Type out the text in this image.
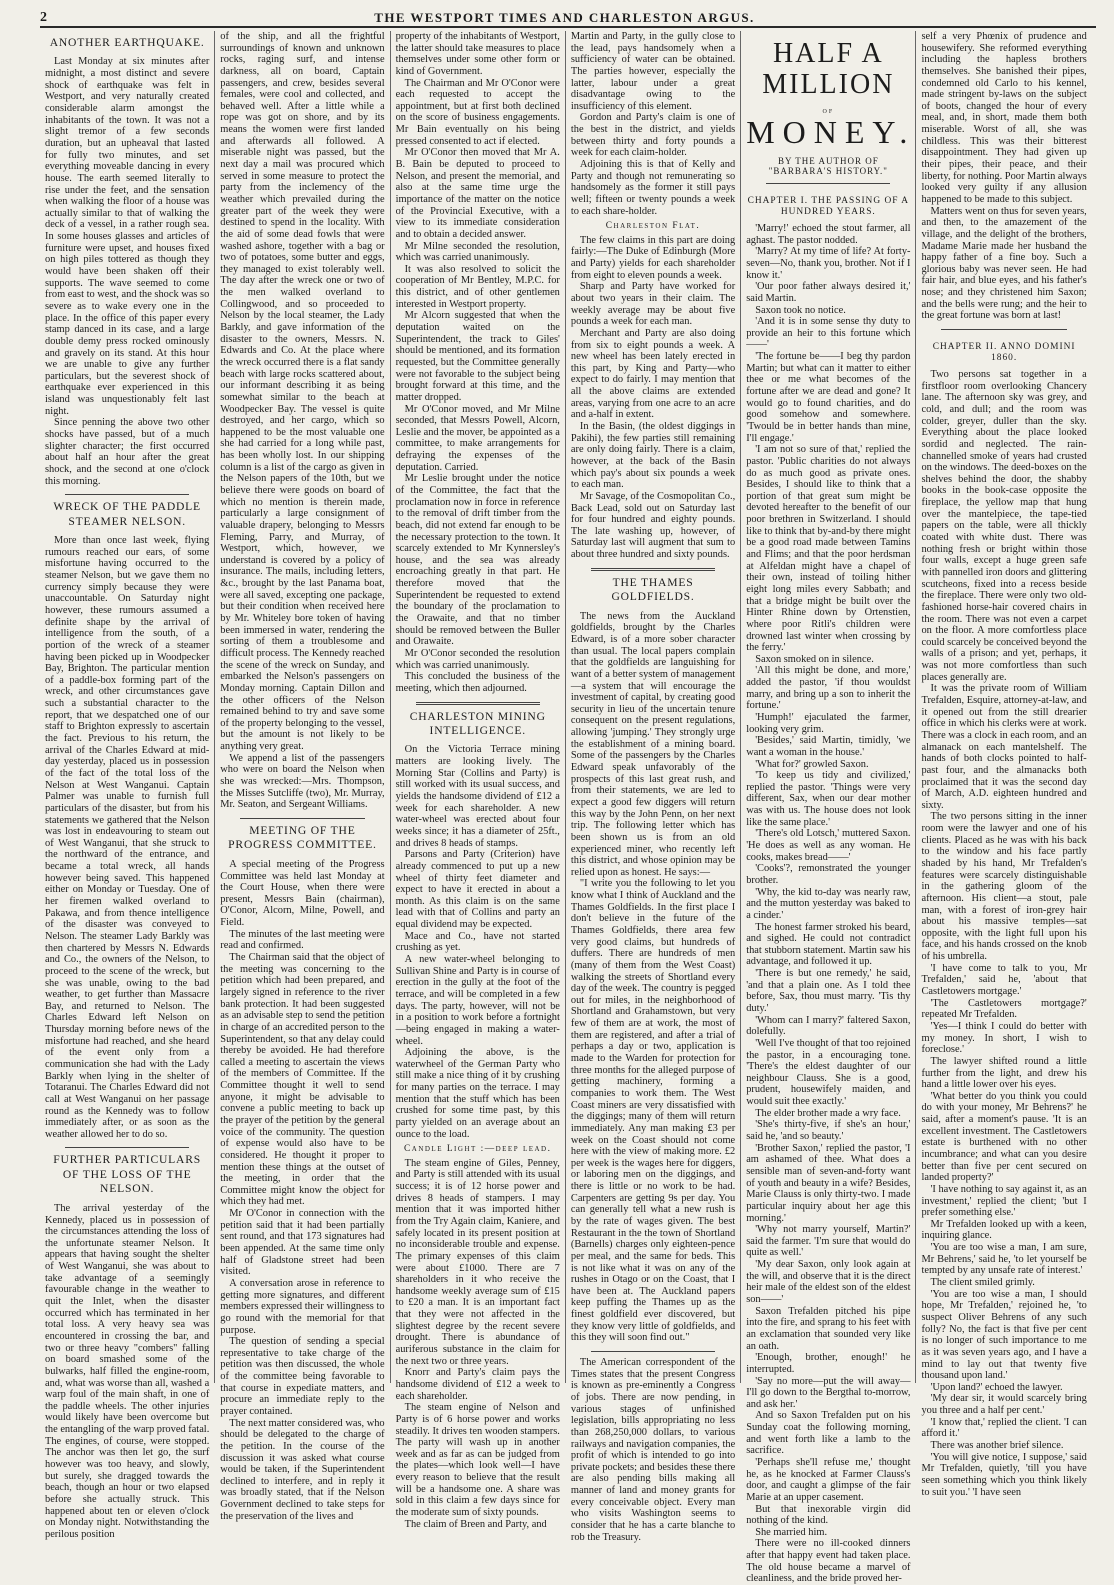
2	THE WESTPORT TIMES AND CHARLESTON ARGUS.
ANOTHER EARTHQUAKE.

Last Monday at six minutes after midnight, a most distinct and severe shock of earthquake was felt in Westport, and very naturally created considerable alarm amongst the inhabitants of the town. It was not a slight tremor of a few seconds duration, but an upheaval that lasted for fully two minutes, and set everything moveable dancing in every house. The earth seemed literally to rise under the feet, and the sensation when walking the floor of a house was actually similar to that of walking the deck of a vessel, in a rather rough sea. In some houses glasses and articles of furniture were upset, and houses fixed on high piles tottered as though they would have been shaken off their supports. The wave seemed to come from east to west, and the shock was so severe as to wake every one in the place. In the office of this paper every stamp danced in its case, and a large double demy press rocked ominously and gravely on its stand. At this hour we are unable to give any further particulars, but the severest shock of earthquake ever experienced in this island was unquestionably felt last night.

Since penning the above two other shocks have passed, but of a much slighter character; the first occurred about half an hour after the great shock, and the second at one o'clock this morning.

WRECK OF THE PADDLE STEAMER NELSON.

More than once last week, flying rumours reached our ears, of some misfortune having occurred to the steamer Nelson, but we gave them no currency simply because they were unaccountable. On Saturday night however, these rumours assumed a definite shape by the arrival of intelligence from the south, of a portion of the wreck of a steamer having been picked up in Woodpecker Bay, Brighton. The particular mention of a paddle-box forming part of the wreck, and other circumstances gave such a substantial character to the report, that we despatched one of our staff to Brighton expressly to ascertain the fact. Previous to his return, the arrival of the Charles Edward at mid-day yesterday, placed us in possession of the fact of the total loss of the Nelson at West Wanganui. Captain Palmer was unable to furnish full particulars of the disaster, but from his statements we gathered that the Nelson was lost in endeavouring to steam out of West Wanganui, that she struck to the northward of the entrance, and became a total wreck, all hands however being saved. This happened either on Monday or Tuesday. One of her firemen walked overland to Pakawa, and from thence intelligence of the disaster was conveyed to Nelson. The steamer Lady Barkly was then chartered by Messrs N. Edwards and Co., the owners of the Nelson, to proceed to the scene of the wreck, but she was unable, owing to the bad weather, to get further than Massacre Bay, and returned to Nelson. The Charles Edward left Nelson on Thursday morning before news of the misfortune had reached, and she heard of the event only from a communication she had with the Lady Barkly when lying in the shelter of Totaranui. The Charles Edward did not call at West Wanganui on her passage round as the Kennedy was to follow immediately after, or as soon as the weather allowed her to do so.

FURTHER PARTICULARS OF THE LOSS OF THE NELSON.

The arrival yesterday of the Kennedy, placed us in possession of the circumstances attending the loss of the unfortunate steamer Nelson. It appears that having sought the shelter of West Wanganui, she was about to take advantage of a seemingly favourable change in the weather to quit the Inlet, when the disaster occurred which has terminated in her total loss. A very heavy sea was encountered in crossing the bar, and two or three heavy "combers" falling on board smashed some of the bulwarks, half filled the engine-room, and, what was worse than all, washed a warp foul of the main shaft, in one of the paddle wheels. The other injuries would likely have been overcome but the entangling of the warp proved fatal. The engines, of course, were stopped. The anchor was then let go, the surf however was too heavy, and slowly, but surely, she dragged towards the beach, though an hour or two elapsed before she actually struck. This happened about ten or eleven o'clock on Monday night. Notwithstanding the perilous position

of the ship, and all the frightful surroundings of known and unknown rocks, raging surf, and intense darkness, all on board, Captain passengers, and crew, besides several females, were cool and collected, and behaved well. After a little while a rope was got on shore, and by its means the women were first landed and afterwards all followed. A miserable night was passed, but the next day a mail was procured which served in some measure to protect the party from the inclemency of the weather which prevailed during the greater part of the week they were destined to spend in the locality. With the aid of some dead fowls that were washed ashore, together with a bag or two of potatoes, some butter and eggs, they managed to exist tolerably well. The day after the wreck one or two of the men walked overland to Collingwood, and so proceeded to Nelson by the local steamer, the Lady Barkly, and gave information of the disaster to the owners, Messrs. N. Edwards and Co. At the place where the wreck occurred there is a flat sandy beach with large rocks scattered about, our informant describing it as being somewhat similar to the beach at Woodpecker Bay. The vessel is quite destroyed, and her cargo, which so happened to be the most valuable one she had carried for a long while past, has been wholly lost. In our shipping column is a list of the cargo as given in the Nelson papers of the 10th, but we believe there were goods on board of which no mention is therein made, particularly a large consignment of valuable drapery, belonging to Messrs Fleming, Parry, and Murray, of Westport, which, however, we understand is covered by a policy of insurance. The mails, including letters, &c., brought by the last Panama boat, were all saved, excepting one package, but their condition when received here by Mr. Whiteley bore token of having been immersed in water, rendering the sorting of them a troublesome and difficult process. The Kennedy reached the scene of the wreck on Sunday, and embarked the Nelson's passengers on Monday morning. Captain Dillon and the other officers of the Nelson remained behind to try and save some of the property belonging to the vessel, but the amount is not likely to be anything very great.

We append a list of the passengers who were on board the Nelson when she was wrecked:—Mrs. Thompson, the Misses Sutcliffe (two), Mr. Murray, Mr. Seaton, and Sergeant Williams.

MEETING OF THE PROGRESS COMMITTEE.

A special meeting of the Progress Committee was held last Monday at the Court House, when there were present, Messrs Bain (chairman), O'Conor, Alcorn, Milne, Powell, and Field.

The minutes of the last meeting were read and confirmed.

The Chairman said that the object of the meeting was concerning to the petition which had been prepared, and largely signed in reference to the river bank protection. It had been suggested as an advisable step to send the petition in charge of an accredited person to the Superintendent, so that any delay could thereby be avoided. He had therefore called a meeting to ascertain the views of the members of Committee. If the Committee thought it well to send anyone, it might be advisable to convene a public meeting to back up the prayer of the petition by the general voice of the community. The question of expense would also have to be considered. He thought it proper to mention these things at the outset of the meeting, in order that the Committee might know the object for which they had met.

Mr O'Conor in connection with the petition said that it had been partially sent round, and that 173 signatures had been appended. At the same time only half of Gladstone street had been visited.

A conversation arose in reference to getting more signatures, and different members expressed their willingness to go round with the memorial for that purpose.

The question of sending a special representative to take charge of the petition was then discussed, the whole of the committee being favorable to that course in expediate matters, and procure an immediate reply to the prayer contained.

The next matter considered was, who should be delegated to the charge of the petition. In the course of the discussion it was asked what course would be taken, if the Superintendent declined to interfere, and in reply it was broadly stated, that if the Nelson Government declined to take steps for the preservation of the lives and

property of the inhabitants of Westport, the latter should take measures to place themselves under some other form or kind of Government.

The Chairman and Mr O'Conor were each requested to accept the appointment, but at first both declined on the score of business engagements. Mr Bain eventually on his being pressed consented to act if elected.

Mr O'Conor then moved that Mr A. B. Bain be deputed to proceed to Nelson, and present the memorial, and also at the same time urge the importance of the matter on the notice of the Provincial Executive, with a view to its immediate consideration and to obtain a decided answer.

Mr Milne seconded the resolution, which was carried unanimously.

It was also resolved to solicit the cooperation of Mr Bentley, M.P.C. for this district, and of other gentlemen interested in Westport property.

Mr Alcorn suggested that when the deputation waited on the Superintendent, the track to Giles' should be mentioned, and its formation requested, but the Committee generally were not favorable to the subject being brought forward at this time, and the matter dropped.

Mr O'Conor moved, and Mr Milne seconded, that Messrs Powell, Alcorn, Leslie and the mover, be appointed as a committee, to make arrangements for defraying the expenses of the deputation. Carried.

Mr Leslie brought under the notice of the Committee, the fact that the proclamation now in force in reference to the removal of drift timber from the beach, did not extend far enough to be the necessary protection to the town. It scarcely extended to Mr Kynnersley's house, and the sea was already encroaching greatly in that part. He therefore moved that the Superintendent be requested to extend the boundary of the proclamation to the Orawaite, and that no timber should be removed between the Buller and Orawaite.

Mr O'Conor seconded the resolution which was carried unanimously.

This concluded the business of the meeting, which then adjourned.

CHARLESTON MINING INTELLIGENCE.

On the Victoria Terrace mining matters are looking lively. The Morning Star (Collins and Party) is still worked with its usual success, and yields the handsome dividend of £12 a week for each shareholder. A new water-wheel was erected about four weeks since; it has a diameter of 25ft., and drives 8 heads of stamps.

Parsons and Party (Criterion) have already commenced to put up a new wheel of thirty feet diameter and expect to have it erected in about a month. As this claim is on the same lead with that of Collins and party an equal dividend may be expected.

Mace and Co., have not started crushing as yet.

A new water-wheel belonging to Sullivan Shine and Party is in course of erection in the gully at the foot of the terrace, and will be completed in a few days. The party, however, will not be in a position to work before a fortnight—being engaged in making a water-wheel.

Adjoining the above, is the waterwheel of the German Party who still make a nice thing of it by crushing for many parties on the terrace. I may mention that the stuff which has been crushed for some time past, by this party yielded on an average about an ounce to the load.

Candle Light :—deep lead.

The steam engine of Giles, Penney, and Party is still attended with its usual success; it is of 12 horse power and drives 8 heads of stampers. I may mention that it was imported hither from the Try Again claim, Kaniere, and safely located in its present position at no inconsiderable trouble and expense. The primary expenses of this claim were about £1000. There are 7 shareholders in it who receive the handsome weekly average sum of £15 to £20 a man. It is an important fact that they were not affected in the slightest degree by the recent severe drought. There is abundance of auriferous substance in the claim for the next two or three years.

Knorr and Party's claim pays the handsome dividend of £12 a week to each shareholder.

The steam engine of Nelson and Party is of 6 horse power and works steadily. It drives ten wooden stampers. The party will wash up in another week and as far as can be judged from the plates—which look well—I have every reason to believe that the result will be a handsome one. A share was sold in this claim a few days since for the moderate sum of sixty pounds.

The claim of Breen and Party, and

Martin and Party, in the gully close to the lead, pays handsomely when a sufficiency of water can be obtained. The parties however, especially the latter, labour under a great disadvantage owing to the insufficiency of this element.

Gordon and Party's claim is one of the best in the district, and yields between thirty and forty pounds a week for each claim-holder.

Adjoining this is that of Kelly and Party and though not remunerating so handsomely as the former it still pays well; fifteen or twenty pounds a week to each share-holder.

Charleston Flat.

The few claims in this part are doing fairly:—The Duke of Edinburgh (More and Party) yields for each shareholder from eight to eleven pounds a week.

Sharp and Party have worked for about two years in their claim. The weekly average may be about five pounds a week for each man.

Merchant and Party are also doing from six to eight pounds a week. A new wheel has been lately erected in this part, by King and Party—who expect to do fairly. I may mention that all the above claims are extended areas, varying from one acre to an acre and a-half in extent.

In the Basin, (the oldest diggings in Pakihi), the few parties still remaining are only doing fairly. There is a claim, however, at the back of the Basin which pay's about six pounds a week to each man.

Mr Savage, of the Cosmopolitan Co., Back Lead, sold out on Saturday last for four hundred and eighty pounds. The late washing up, however, of Saturday last will augment that sum to about three hundred and sixty pounds.

THE THAMES GOLDFIELDS.

The news from the Auckland goldfields, brought by the Charles Edward, is of a more sober character than usual. The local papers complain that the goldfields are languishing for want of a better system of management—a system that will encourage the investment of capital, by creating good security in lieu of the uncertain tenure consequent on the present regulations, allowing 'jumping.' They strongly urge the establishment of a mining board. Some of the passengers by the Charles Edward speak unfavorably of the prospects of this last great rush, and from their statements, we are led to expect a good few diggers will return this way by the John Penn, on her next trip. The following letter which has been shown us is from an old experienced miner, who recently left this district, and whose opinion may be relied upon as honest. He says:—

"I write you the following to let you know what I think of Auckland and the Thames Goldfields. In the first place I don't believe in the future of the Thames Goldfields, there area few very good claims, but hundreds of duffers. There are hundreds of men (many of them from the West Coast) walking the streets of Shortland every day of the week. The country is pegged out for miles, in the neighborhood of Shortland and Grahamstown, but very few of them are at work, the most of them are registered, and after a trial of perhaps a day or two, application is made to the Warden for protection for three months for the alleged purpose of getting machinery, forming a companies to work them. The West Coast miners are very dissatisfied with the diggings; many of them will return immediately. Any man making £3 per week on the Coast should not come here with the view of making more. £2 per week is the wages here for diggers, or laboring men on the diggings, and there is little or no work to be had. Carpenters are getting 9s per day. You can generally tell what a new rush is by the rate of wages given. The best Restaurant in the the town of Shortland (Barnells) charges only eighteen-pence per meal, and the same for beds. This is not like what it was on any of the rushes in Otago or on the Coast, that I have been at. The Auckland papers keep puffing the Thames up as the finest goldfield ever discovered, but they know very little of goldfields, and this they will soon find out."

The American correspondent of the Times states that the present Congress is known as pre-eminently a Congress of jobs. There are now pending, in various stages of unfinished legislation, bills appropriating no less than 268,250,000 dollars, to various railways and navigation companies, the profit of which is intended to go into private pockets; and besides these there are also pending bills making all manner of land and money grants for every conceivable object. Every man who visits Washington seems to consider that he has a carte blanche to rob the Treasury.

HALF A MILLION
of
MONEY.
BY THE AUTHOR OF "BARBARA'S HISTORY."
CHAPTER I. THE PASSING OF A HUNDRED YEARS.

'Marry!' echoed the stout farmer, all aghast. The pastor nodded.

'Marry? At my time of life? At forty-seven—No, thank you, brother. Not if I know it.'

'Our poor father always desired it,' said Martin.

Saxon took no notice.

'And it is in some sense thy duty to provide an heir to this fortune which——'

'The fortune be——I beg thy pardon Martin; but what can it matter to either thee or me what becomes of the fortune after we are dead and gone? It would go to found charities, and do good somehow and somewhere. 'Twould be in better hands than mine, I'll engage.'

'I am not so sure of that,' replied the pastor. 'Public charities do not always do as much good as private ones. Besides, I should like to think that a portion of that great sum might be devoted hereafter to the benefit of our poor brethren in Switzerland. I should like to think that by-and-by there might be a good road made between Tamins and Flims; and that the poor herdsman at Alfeldan might have a chapel of their own, instead of toiling hither eight long miles every Sabbath; and that a bridge might be built over the Hinter Rhine down by Ortenstien, where poor Ritli's children were drowned last winter when crossing by the ferry.'

Saxon smoked on in silence.

'All this might be done, and more,' added the pastor, 'if thou wouldst marry, and bring up a son to inherit the fortune.'

'Humph!' ejaculated the farmer, looking very grim.

'Besides,' said Martin, timidly, 'we want a woman in the house.'

'What for?' growled Saxon.

'To keep us tidy and civilized,' replied the pastor. 'Things were very different, Sax, when our dear mother was with us. The house does not look like the same place.'

'There's old Lotsch,' muttered Saxon. 'He does as well as any woman. He cooks, makes bread——'

'Cooks'?, remonstrated the younger brother.

'Why, the kid to-day was nearly raw, and the mutton yesterday was baked to a cinder.'

The honest farmer stroked his beard, and sighed. He could not contradict that stubborn statement. Martin saw his advantage, and followed it up.

'There is but one remedy,' he said, 'and that a plain one. As I told thee before, Sax, thou must marry. 'Tis thy duty.'

'Whom can I marry?' faltered Saxon, dolefully.

'Well I've thought of that too rejoined the pastor, in a encouraging tone. 'There's the eldest daughter of our neighbour Clauss. She is a good, prudent, housewifely maiden, and would suit thee exactly.'

The elder brother made a wry face.

'She's thirty-five, if she's an hour,' said he, 'and so beauty.'

'Brother Saxon,' replied the pastor, 'I am ashamed of thee. What does a sensible man of seven-and-forty want of youth and beauty in a wife? Besides, Marie Clauss is only thirty-two. I made particular inquiry about her age this morning.'

'Why not marry yourself, Martin?' said the farmer. 'I'm sure that would do quite as well.'

'My dear Saxon, only look again at the will, and observe that it is the direct heir male of the eldest son of the eldest son——'

Saxon Trefalden pitched his pipe into the fire, and sprang to his feet with an exclamation that sounded very like an oath.

'Enough, brother, enough!' he interrupted.

'Say no more—put the will away—I'll go down to the Bergthal to-morrow, and ask her.'

And so Saxon Trefalden put on his Sunday coat the following morning, and went forth like a lamb to the sacrifice.

'Perhaps she'll refuse me,' thought he, as he knocked at Farmer Clauss's door, and caught a glimpse of the fair Marie at an upper casement.

But that inexorable virgin did nothing of the kind.

She married him.

There were no ill-cooked dinners after that happy event had taken place. The old house became a marvel of cleanliness, and the bride proved her-

self a very Phœnix of prudence and housewifery. She reformed everything including the hapless brothers themselves. She banished their pipes, condemned old Carlo to his kennel, made stringent by-laws on the subject of boots, changed the hour of every meal, and, in short, made them both miserable. Worst of all, she was childless. This was their bitterest disappointment. They had given up their pipes, their peace, and their liberty, for nothing. Poor Martin always looked very guilty if any allusion happened to be made to this subject.

Matters went on thus for seven years, and then, to the amazement of the village, and the delight of the brothers, Madame Marie made her husband the happy father of a fine boy. Such a glorious baby was never seen. He had fair hair, and blue eyes, and his father's nose; and they christened him Saxon; and the bells were rung; and the heir to the great fortune was born at last!

CHAPTER II. ANNO DOMINI 1860.

Two persons sat together in a firstfloor room overlooking Chancery lane. The afternoon sky was grey, and cold, and dull; and the room was colder, greyer, duller than the sky. Everything about the place looked sordid and neglected. The rain-channelled smoke of years had crusted on the windows. The deed-boxes on the shelves behind the door, the shabby books in the book-case opposite the fireplace, the yellow map that hung over the mantelpiece, the tape-tied papers on the table, were all thickly coated with white dust. There was nothing fresh or bright within those four walls, except a huge green safe with pannelled iron doors and glittering scutcheons, fixed into a recess beside the fireplace. There were only two old-fashioned horse-hair covered chairs in the room. There was not even a carpet on the floor. A more comfortless place could scarcely be conceived beyond the walls of a prison; and yet, perhaps, it was not more comfortless than such places generally are.

It was the private room of William Trefalden, Esquire, attorney-at-law, and it opened out from the still drearier office in which his clerks were at work. There was a clock in each room, and an almanack on each mantelshelf. The hands of both clocks pointed to half-past four, and the almanacks both proclaimed that it was the second day of March, A.D. eighteen hundred and sixty.

The two persons sitting in the inner room were the lawyer and one of his clients. Placed as he was with his back to the window and his face partly shaded by his hand, Mr Trefalden's features were scarcely distinguishable in the gathering gloom of the afternoon. His client—a stout, pale man, with a forest of iron-grey hair about his massive temples—sat opposite, with the light full upon his face, and his hands crossed on the knob of his umbrella.

'I have come to talk to you, Mr Trefalden,' said he, 'about that Castletowers mortgage.'

'The Castletowers mortgage?' repeated Mr Trefalden.

'Yes—I think I could do better with my money. In short, I wish to foreclose.'

The lawyer shifted round a little further from the light, and drew his hand a little lower over his eyes.

'What better do you think you could do with your money, Mr Behrens?' he said, after a moment's pause. 'It is an excellent investment. The Castletowers estate is burthened with no other incumbrance; and what can you desire better than five per cent secured on landed property?'

'I have nothing to say against it, as an investment,' replied the client; 'but I prefer something else.'

Mr Trefalden looked up with a keen, inquiring glance.

'You are too wise a man, I am sure, Mr Behrens,' said he, 'to let yourself be tempted by any unsafe rate of interest.'

The client smiled grimly.

'You are too wise a man, I should hope, Mr Trefalden,' rejoined he, 'to suspect Oliver Behrens of any such folly? No, the fact is that five per cent is no longer of such importance to me as it was seven years ago, and I have a mind to lay out that twenty five thousand upon land.'

'Upon land?' echoed the lawyer.

'My dear sir, it would scarcely bring you three and a half per cent.'

'I know that,' replied the client. 'I can afford it.'

There was another brief silence.

'You will give notice, I suppose,' said Mr Trefalden, quietly, 'till you have seen something which you think likely to suit you.' 'I have seen
